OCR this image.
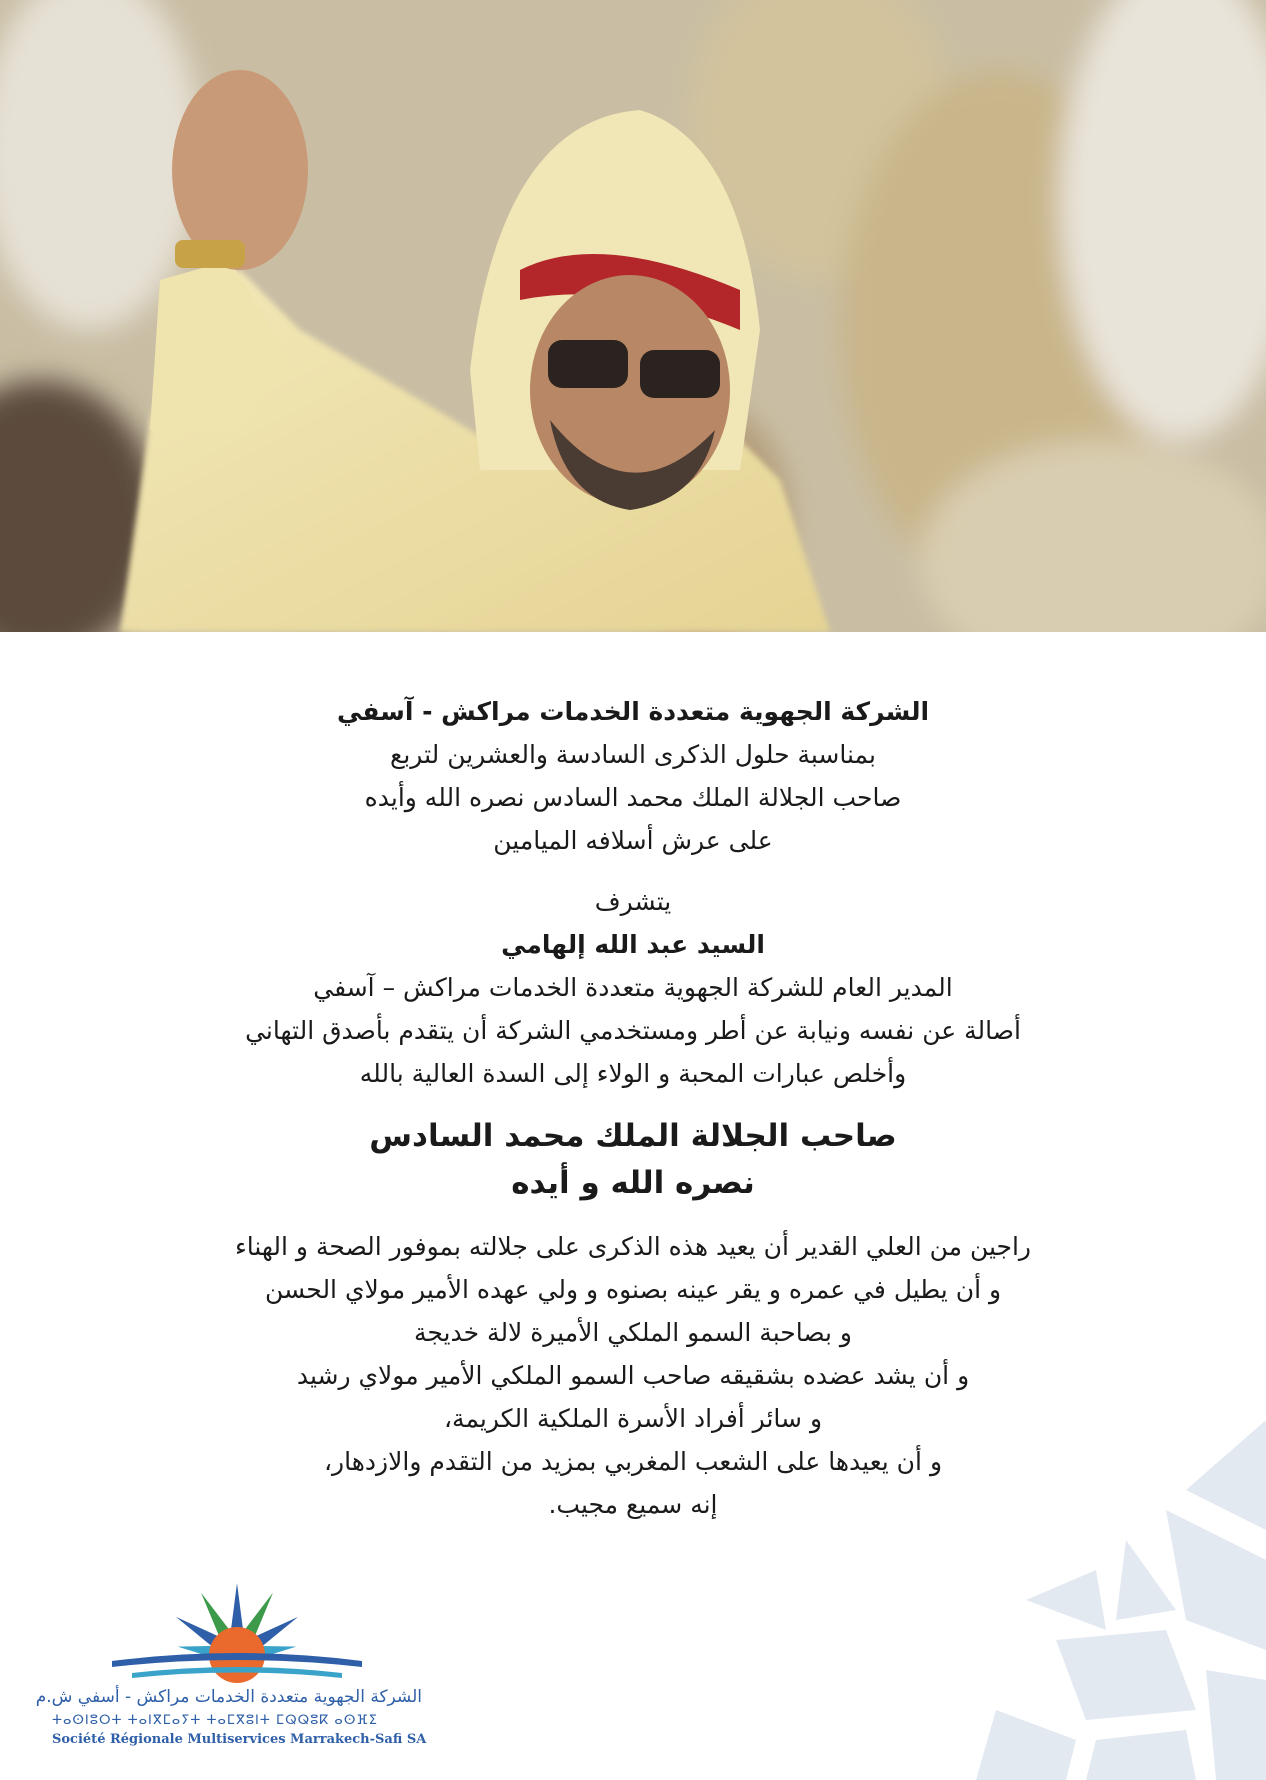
الشركة الجهوية متعددة الخدمات مراكش - آسفي
بمناسبة حلول الذكرى السادسة والعشرين لتربع
صاحب الجلالة الملك محمد السادس نصره الله وأيده
على عرش أسلافه الميامين
يتشرف
السيد عبد الله إلهامي
المدير العام للشركة الجهوية متعددة الخدمات مراكش – آسفي
أصالة عن نفسه ونيابة عن أطر ومستخدمي الشركة أن يتقدم بأصدق التهاني
وأخلص عبارات المحبة و الولاء إلى السدة العالية بالله
صاحب الجلالة الملك محمد السادس
نصره الله و أيده
راجين من العلي القدير أن يعيد هذه الذكرى على جلالته بموفور الصحة و الهناء
و أن يطيل في عمره و يقر عينه بصنوه و ولي عهده الأمير مولاي الحسن
و بصاحبة السمو الملكي الأميرة لالة خديجة
و أن يشد عضده بشقيقه صاحب السمو الملكي الأمير مولاي رشيد
و سائر أفراد الأسرة الملكية الكريمة،
و أن يعيدها على الشعب المغربي بمزيد من التقدم والازدهار،
إنه سميع مجيب.
الشركة الجهوية متعددة الخدمات مراكش - أسفي ش.م
ⵜⴰⵙⵏⵓⵔⵜ ⵜⴰⵏⴳⵎⴰⵢⵜ ⵜⴰⵎⴳⵓⵏⵜ ⵎⵕⵕⵓⴽ ⴰⵙⴼⵉ
Société Régionale Multiservices Marrakech-Safi SA
